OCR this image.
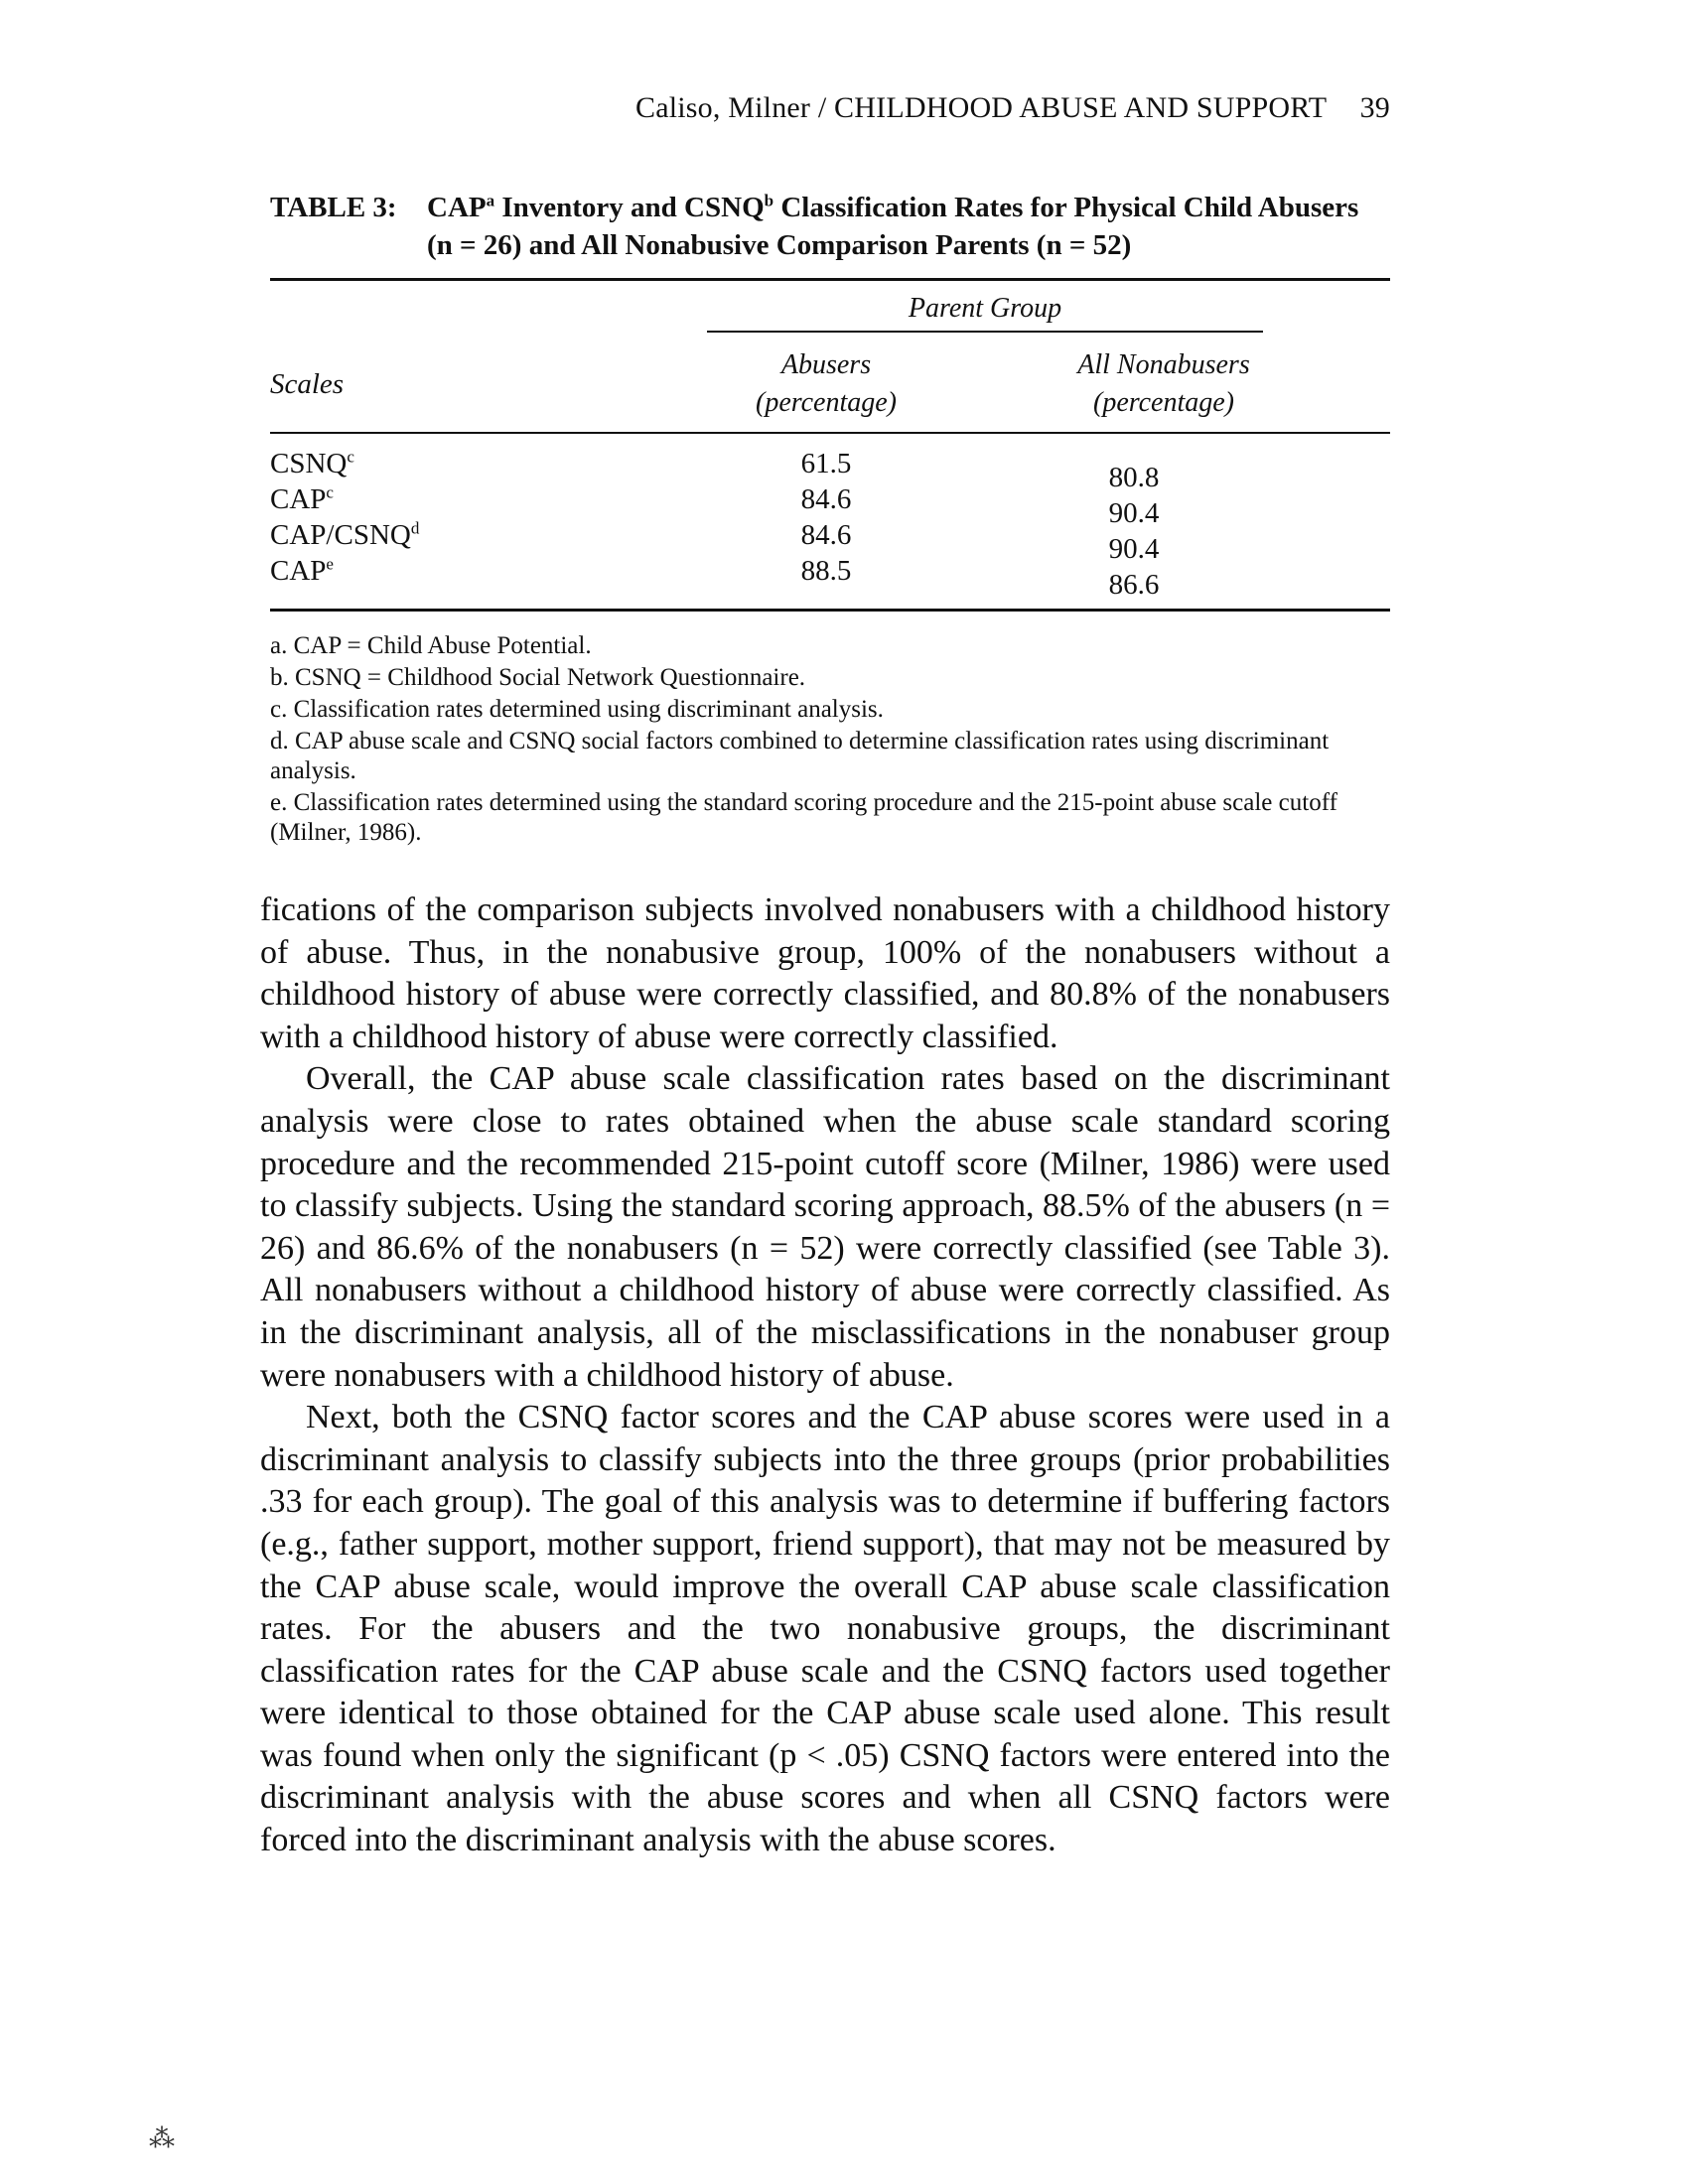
Caliso, Milner / CHILDHOOD ABUSE AND SUPPORT 39
TABLE 3: CAP$^a$ Inventory and CSNQ$^b$ Classification Rates for Physical Child Abusers
(n = 26) and All Nonabusive Comparison Parents (n = 52)
Parent Group
Scales
Abusers
(percentage)
All Nonabusers
(percentage)
CSNQ$^c$	61.5	80.8
CAP$^c$	84.6	90.4
CAP/CSNQ$^d$	84.6	90.4
CAP$^e$	88.5	86.6
a. CAP = Child Abuse Potential.
b. CSNQ = Childhood Social Network Questionnaire.
c. Classification rates determined using discriminant analysis.
d. CAP abuse scale and CSNQ social factors combined to determine classification rates using discriminant analysis.
e. Classification rates determined using the standard scoring procedure and the 215-point abuse scale cutoff (Milner, 1986).

fications of the comparison subjects involved nonabusers with a childhood history of abuse. Thus, in the nonabusive group, 100% of the nonabusers without a childhood history of abuse were correctly classified, and 80.8% of the nonabusers with a childhood history of abuse were correctly classified.

Overall, the CAP abuse scale classification rates based on the discriminant analysis were close to rates obtained when the abuse scale standard scoring procedure and the recommended 215-point cutoff score (Milner, 1986) were used to classify subjects. Using the standard scoring approach, 88.5% of the abusers (n = 26) and 86.6% of the nonabusers (n = 52) were correctly classified (see Table 3). All nonabusers without a childhood history of abuse were correctly classified. As in the discriminant analysis, all of the misclassifications in the nonabuser group were nonabusers with a childhood history of abuse.

Next, both the CSNQ factor scores and the CAP abuse scores were used in a discriminant analysis to classify subjects into the three groups (prior probabilities .33 for each group). The goal of this analysis was to determine if buffering factors (e.g., father support, mother support, friend support), that may not be measured by the CAP abuse scale, would improve the overall CAP abuse scale classification rates. For the abusers and the two nonabusive groups, the discriminant classification rates for the CAP abuse scale and the CSNQ factors used together were identical to those obtained for the CAP abuse scale used alone. This result was found when only the significant (p < .05) CSNQ factors were entered into the discriminant analysis with the abuse scores and when all CSNQ factors were forced into the discriminant analysis with the abuse scores.

⁂
